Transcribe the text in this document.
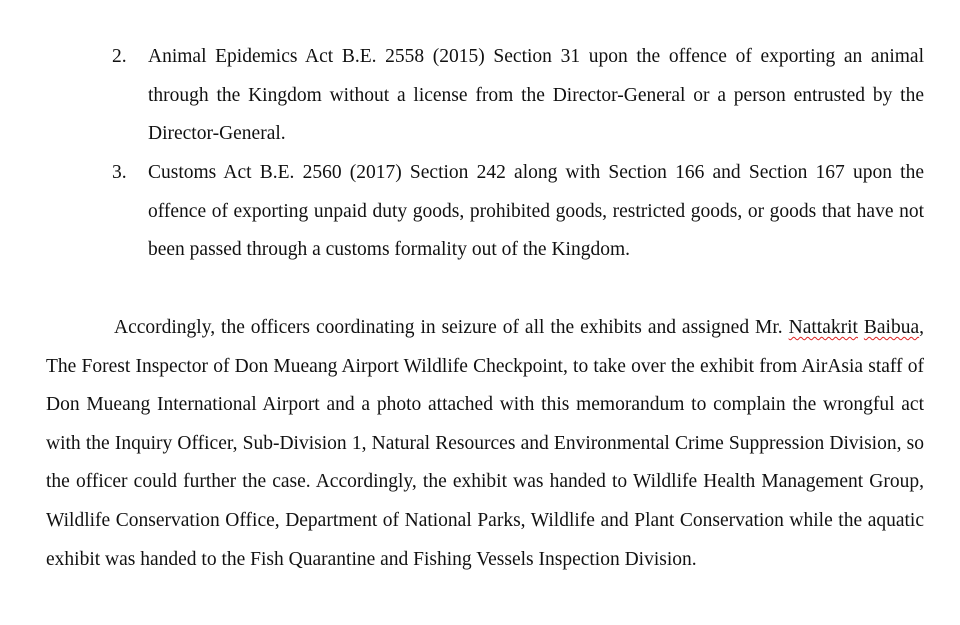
2. Animal Epidemics Act B.E. 2558 (2015) Section 31 upon the offence of exporting an animal through the Kingdom without a license from the Director-General or a person entrusted by the Director-General.
3. Customs Act B.E. 2560 (2017) Section 242 along with Section 166 and Section 167 upon the offence of exporting unpaid duty goods, prohibited goods, restricted goods, or goods that have not been passed through a customs formality out of the Kingdom.

Accordingly, the officers coordinating in seizure of all the exhibits and assigned Mr. Nattakrit Baibua, The Forest Inspector of Don Mueang Airport Wildlife Checkpoint, to take over the exhibit from AirAsia staff of Don Mueang International Airport and a photo attached with this memorandum to complain the wrongful act with the Inquiry Officer, Sub-Division 1, Natural Resources and Environmental Crime Suppression Division, so the officer could further the case. Accordingly, the exhibit was handed to Wildlife Health Management Group, Wildlife Conservation Office, Department of National Parks, Wildlife and Plant Conservation while the aquatic exhibit was handed to the Fish Quarantine and Fishing Vessels Inspection Division.
